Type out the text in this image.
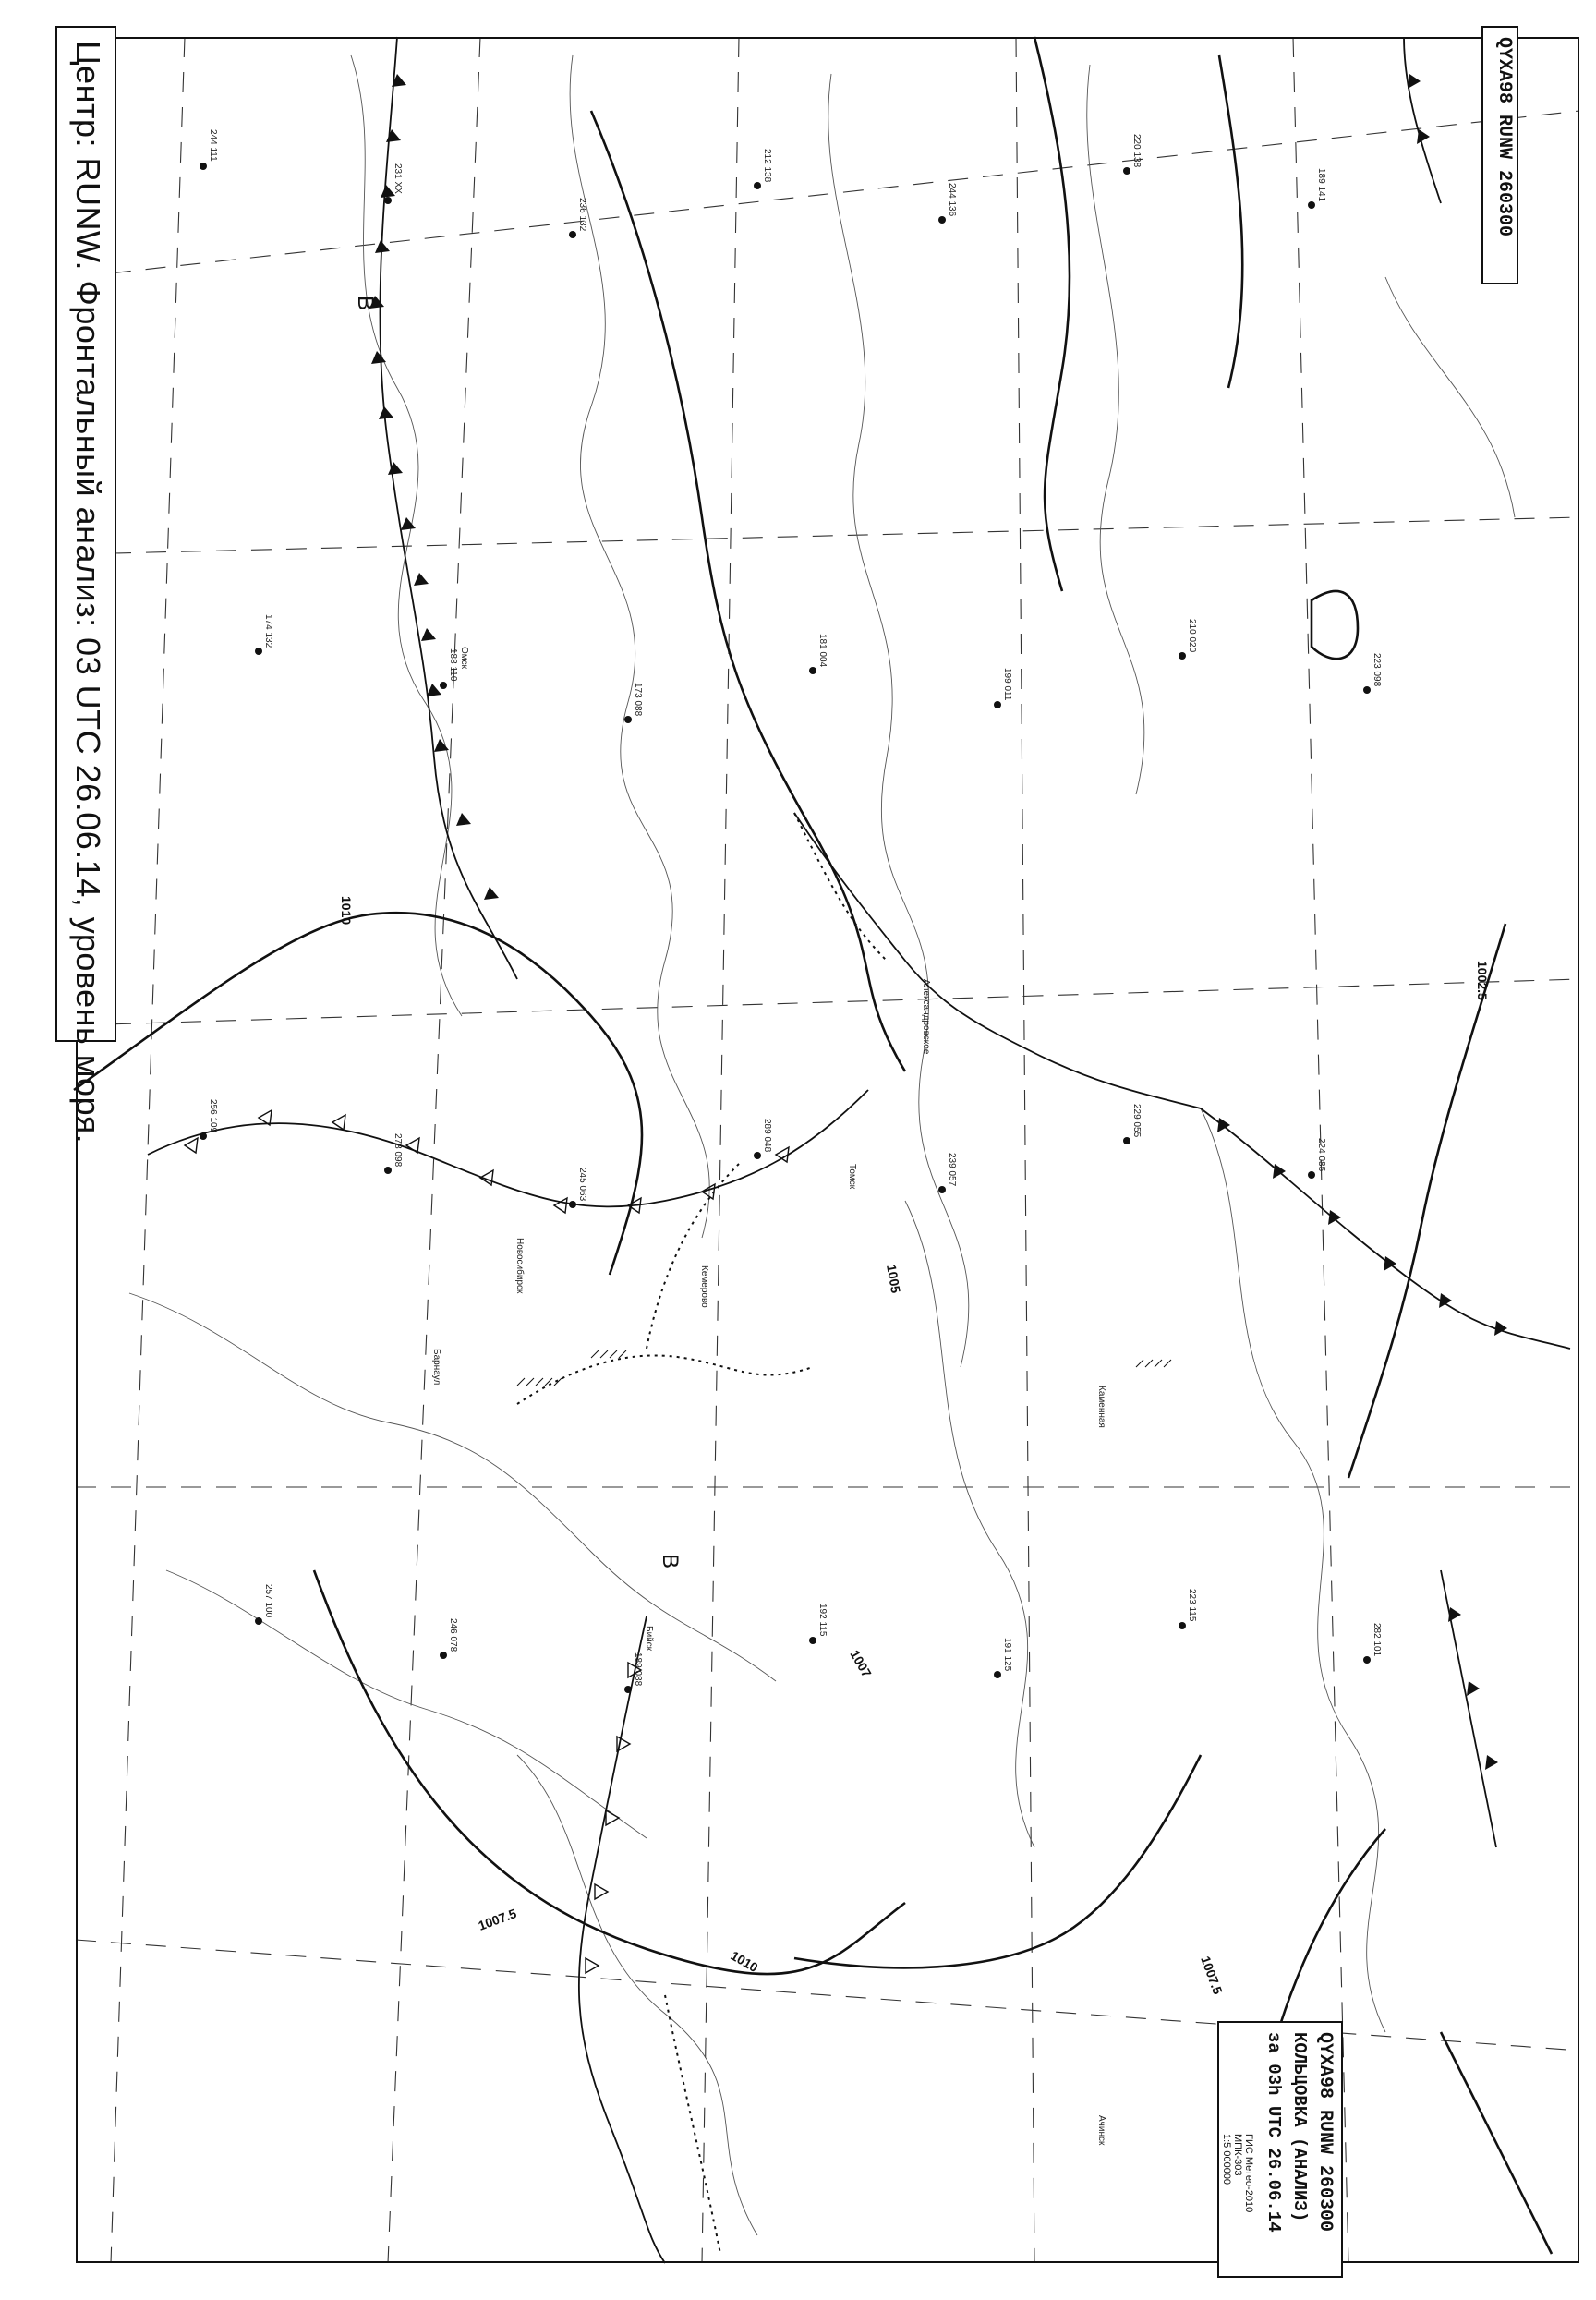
244 111
231 XX
236 132
212 138
244 136
220 138
189 141
174 132
188 110
173 088
181 004
199 011
210 020
223 098
256 109
278 098
245 063
289 048
239 057
229 055
224 085
257 100
246 078
189 088
192 115
191 125
223 115
282 101
1010
1007.5
1007.5
1005
1002.5
1007
1010
В
В
Омск
Новосибирск	Кемерово
Барнаул
Томск
Александровское
Каменная
Бийск
Ачинск
Центр: RUNW. Фронтальный анализ: 03 UTC 26.06.14, уровень моря.	QYXA98 RUNW 260300
QYXA98 RUNW 260300
КОЛЬЦОВКА (АНАЛИЗ)
за 03h UTC 26.06.14
ГИС Метео-2010
МПК-303
1:5 000000
